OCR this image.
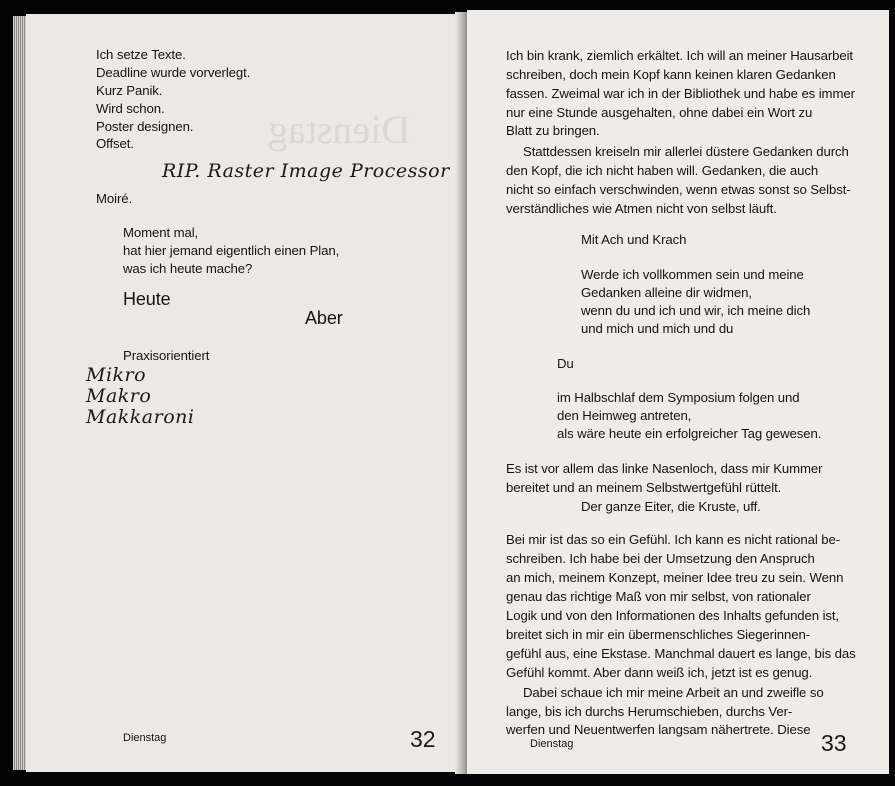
Dienstag
Ich setze Texte.
Deadline wurde vorverlegt.
Kurz Panik.
Wird schon.
Poster designen.
Offset.
RIP. Raster Image Processor
Moiré.
Moment mal,
hat hier jemand eigentlich einen Plan,
was ich heute mache?
Heute
Aber
Praxisorientiert
Mikro
Makro
Makkaroni
Dienstag	32
Ich bin krank, ziemlich erkältet. Ich will an meiner Hausarbeit
schreiben, doch mein Kopf kann keinen klaren Gedanken
fassen. Zweimal war ich in der Bibliothek und habe es immer
nur eine Stunde ausgehalten, ohne dabei ein Wort zu
Blatt zu bringen.
Stattdessen kreiseln mir allerlei düstere Gedanken durch
den Kopf, die ich nicht haben will. Gedanken, die auch
nicht so einfach verschwinden, wenn etwas sonst so Selbst-
verständliches wie Atmen nicht von selbst läuft.
Mit Ach und Krach
Werde ich vollkommen sein und meine
Gedanken alleine dir widmen,
wenn du und ich und wir, ich meine dich
und mich und mich und du
Du
im Halbschlaf dem Symposium folgen und
den Heimweg antreten,
als wäre heute ein erfolgreicher Tag gewesen.
Es ist vor allem das linke Nasenloch, dass mir Kummer
bereitet und an meinem Selbstwertgefühl rüttelt.
Der ganze Eiter, die Kruste, uff.
Bei mir ist das so ein Gefühl. Ich kann es nicht rational be-
schreiben. Ich habe bei der Umsetzung den Anspruch
an mich, meinem Konzept, meiner Idee treu zu sein. Wenn
genau das richtige Maß von mir selbst, von rationaler
Logik und von den Informationen des Inhalts gefunden ist,
breitet sich in mir ein übermenschliches Siegerinnen-
gefühl aus, eine Ekstase. Manchmal dauert es lange, bis das
Gefühl kommt. Aber dann weiß ich, jetzt ist es genug.
Dabei schaue ich mir meine Arbeit an und zweifle so
lange, bis ich durchs Herumschieben, durchs Ver-
werfen und Neuentwerfen langsam nähertrete. Diese
Dienstag	33
